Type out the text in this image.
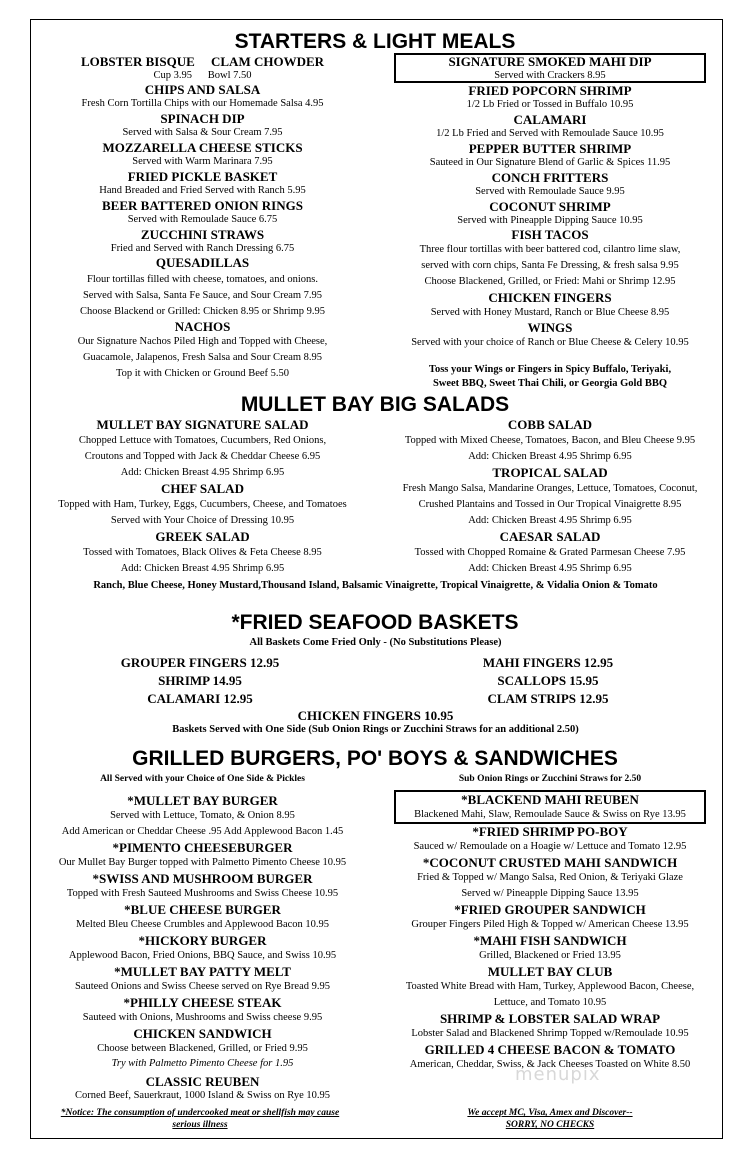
STARTERS & LIGHT MEALS
LOBSTER BISQUE CLAM CHOWDER
Cup 3.95      Bowl 7.50
CHIPS AND SALSA
Fresh Corn Tortilla Chips with our Homemade Salsa 4.95
SPINACH DIP
Served with Salsa & Sour Cream 7.95
MOZZARELLA CHEESE STICKS
Served with Warm Marinara 7.95
FRIED PICKLE BASKET
Hand Breaded and Fried Served with Ranch 5.95
BEER BATTERED ONION RINGS
Served with Remoulade Sauce 6.75
ZUCCHINI STRAWS
Fried and Served with Ranch Dressing 6.75
QUESADILLAS
Flour tortillas filled with cheese, tomatoes, and onions.
Served with Salsa, Santa Fe Sauce, and Sour Cream 7.95
Choose Blackend or Grilled: Chicken 8.95 or Shrimp 9.95
NACHOS
Our Signature Nachos Piled High and Topped with Cheese,
Guacamole, Jalapenos, Fresh Salsa and Sour Cream 8.95
Top it with Chicken or Ground Beef 5.50
SIGNATURE SMOKED MAHI DIP
Served with Crackers 8.95
FRIED POPCORN SHRIMP
1/2 Lb Fried or Tossed in Buffalo 10.95
CALAMARI
1/2 Lb Fried and Served with Remoulade Sauce 10.95
PEPPER BUTTER SHRIMP
Sauteed in Our Signature Blend of Garlic & Spices 11.95
CONCH FRITTERS
Served with Remoulade Sauce 9.95
COCONUT SHRIMP
Served with Pineapple Dipping Sauce 10.95
FISH TACOS
Three flour tortillas with beer battered cod, cilantro lime slaw,
served with corn chips, Santa Fe Dressing, & fresh salsa 9.95
Choose Blackened, Grilled, or Fried: Mahi or Shrimp 12.95
CHICKEN FINGERS
Served with Honey Mustard, Ranch or Blue Cheese 8.95
WINGS
Served with your choice of Ranch or Blue Cheese & Celery 10.95
Toss your Wings or Fingers in Spicy Buffalo, Teriyaki,
Sweet BBQ, Sweet Thai Chili, or Georgia Gold BBQ
MULLET BAY BIG SALADS
MULLET BAY SIGNATURE SALAD
Chopped Lettuce with Tomatoes, Cucumbers, Red Onions,
Croutons and Topped with Jack & Cheddar Cheese 6.95
Add: Chicken Breast 4.95 Shrimp 6.95
CHEF SALAD
Topped with Ham, Turkey, Eggs, Cucumbers, Cheese, and Tomatoes
Served with Your Choice of Dressing 10.95
GREEK SALAD
Tossed with Tomatoes, Black Olives & Feta Cheese 8.95
Add: Chicken Breast 4.95 Shrimp 6.95
COBB SALAD
Topped with Mixed Cheese, Tomatoes, Bacon, and Bleu Cheese 9.95
Add: Chicken Breast 4.95 Shrimp 6.95
TROPICAL SALAD
Fresh Mango Salsa, Mandarine Oranges, Lettuce, Tomatoes, Coconut,
Crushed Plantains and Tossed in Our Tropical Vinaigrette 8.95
Add: Chicken Breast 4.95 Shrimp 6.95
CAESAR SALAD
Tossed with Chopped Romaine & Grated Parmesan Cheese 7.95
Add: Chicken Breast 4.95 Shrimp 6.95
Ranch, Blue Cheese, Honey Mustard,Thousand Island, Balsamic Vinaigrette, Tropical Vinaigrette, & Vidalia Onion & Tomato
*FRIED SEAFOOD BASKETS
All Baskets Come Fried Only - (No Substitutions Please)
GROUPER FINGERS 12.95
SHRIMP 14.95
CALAMARI 12.95
MAHI FINGERS 12.95
SCALLOPS 15.95
CLAM STRIPS 12.95
CHICKEN FINGERS 10.95
Baskets Served with One Side (Sub Onion Rings or Zucchini Straws for an additional 2.50)
GRILLED BURGERS, PO' BOYS & SANDWICHES
All Served with your Choice of One Side & Pickles	Sub Onion Rings or Zucchini Straws for 2.50
*MULLET BAY BURGER
Served with Lettuce, Tomato, & Onion 8.95
Add American or Cheddar Cheese .95 Add Applewood Bacon 1.45
*PIMENTO CHEESEBURGER
Our Mullet Bay Burger topped with Palmetto Pimento Cheese 10.95
*SWISS AND MUSHROOM BURGER
Topped with Fresh Sauteed Mushrooms and Swiss Cheese 10.95
*BLUE CHEESE BURGER
Melted Bleu Cheese Crumbles and Applewood Bacon 10.95
*HICKORY BURGER
Applewood Bacon, Fried Onions, BBQ Sauce, and Swiss 10.95
*MULLET BAY PATTY MELT
Sauteed Onions and Swiss Cheese served on Rye Bread 9.95
*PHILLY CHEESE STEAK
Sauteed with Onions, Mushrooms and Swiss cheese 9.95
CHICKEN SANDWICH
Choose between Blackened, Grilled, or Fried 9.95
Try with Palmetto Pimento Cheese for 1.95
CLASSIC REUBEN
Corned Beef, Sauerkraut, 1000 Island & Swiss on Rye 10.95
*BLACKEND MAHI REUBEN
Blackened Mahi, Slaw, Remoulade Sauce & Swiss on Rye 13.95
*FRIED SHRIMP PO-BOY
Sauced w/ Remoulade on a Hoagie w/ Lettuce and Tomato 12.95
*COCONUT CRUSTED MAHI SANDWICH
Fried & Topped w/ Mango Salsa, Red Onion, & Teriyaki Glaze
Served w/ Pineapple Dipping Sauce 13.95
*FRIED GROUPER SANDWICH
Grouper Fingers Piled High & Topped w/ American Cheese 13.95
*MAHI FISH SANDWICH
Grilled, Blackened or Fried 13.95
MULLET BAY CLUB
Toasted White Bread with Ham, Turkey, Applewood Bacon, Cheese,
Lettuce, and Tomato 10.95
SHRIMP & LOBSTER SALAD WRAP
Lobster Salad and Blackened Shrimp Topped w/Remoulade 10.95
GRILLED 4 CHEESE BACON & TOMATO
American, Cheddar, Swiss, & Jack Cheeses Toasted on White 8.50
*Notice: The consumption of undercooked meat or shellfish may cause
serious illness
We accept MC, Visa, Amex and Discover--
SORRY, NO CHECKS
menupix
